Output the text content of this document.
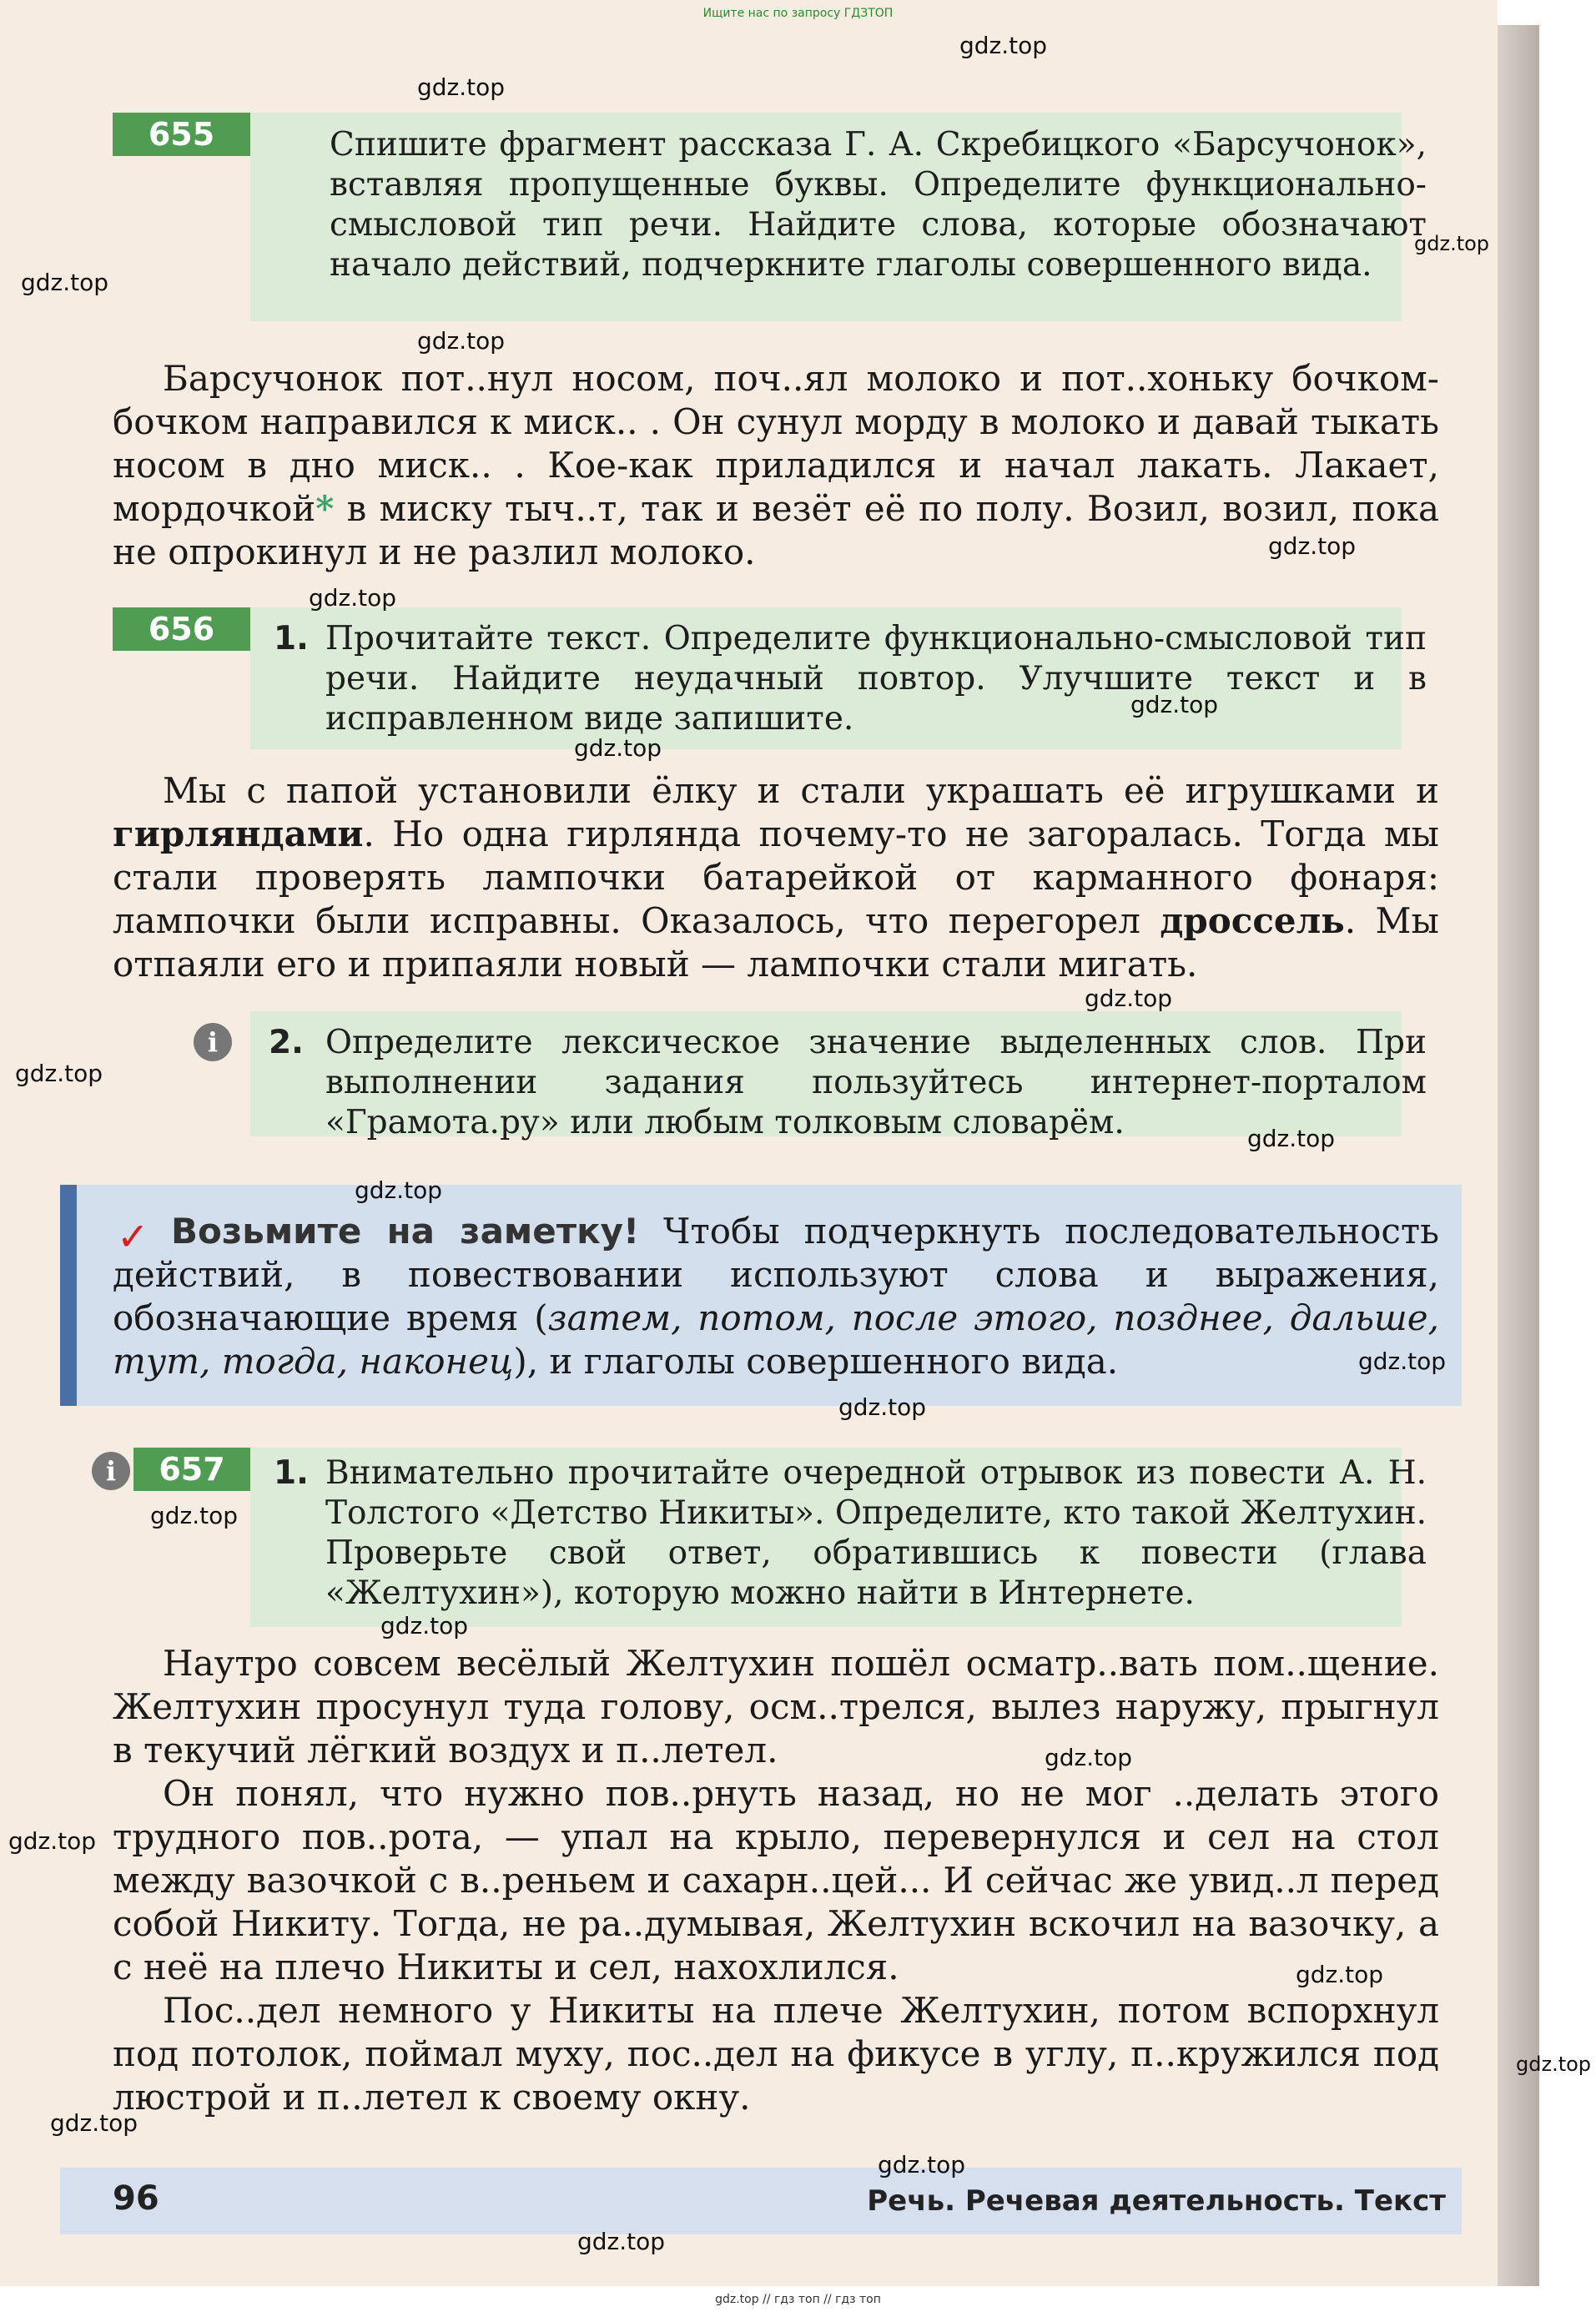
Ищите нас по запросу ГДЗТОП
655	Спишите фрагмент рассказа Г. А. Скребицкого «Барсучонок», вставляя пропущенные буквы. Определите функционально-смысловой тип речи. Найдите слова, которые обозначают начало действий, подчеркните глаголы совершенного вида.

Барсучонок пот..нул носом, поч..ял молоко и пот..хоньку бочком-бочком направился к миск.. . Он сунул морду в молоко и давай тыкать носом в дно миск.. . Кое-как приладился и начал лакать. Лакает, мордочкой* в миску тыч..т, так и везёт её по полу. Возил, возил, пока не опрокинул и не разлил молоко.

656	1. Прочитайте текст. Определите функционально-смысловой тип речи. Найдите неудачный повтор. Улучшите текст и в исправленном виде запишите.

Мы с папой установили ёлку и стали украшать её игрушками и гирляндами. Но одна гирлянда почему-то не загоралась. Тогда мы стали проверять лампочки батарейкой от карманного фонаря: лампочки были исправны. Оказалось, что перегорел дроссель. Мы отпаяли его и припаяли новый — лампочки стали мигать.

i	2. Определите лексическое значение выделенных слов. При выполнении задания пользуйтесь интернет-порталом «Грамота.ру» или любым толковым словарём.
Возьмите на заметку! Чтобы подчеркнуть последовательность действий, в повествовании используют слова и выражения, обозначающие время (затем, потом, после этого, позднее, дальше, тут, тогда, наконец), и глаголы совершенного вида.
✓
i	657	1. Внимательно прочитайте очередной отрывок из повести А. Н. Толстого «Детство Никиты». Определите, кто такой Желтухин. Проверьте свой ответ, обратившись к повести (глава «Желтухин»), которую можно найти в Интернете.

Наутро совсем весёлый Желтухин пошёл осматр..вать пом..щение. Желтухин просунул туда голову, осм..трелся, вылез наружу, прыгнул в текучий лёгкий воздух и п..летел.

Он понял, что нужно пов..рнуть назад, но не мог ..делать этого трудного пов..рота, — упал на крыло, перевернулся и сел на стол между вазочкой с в..реньем и сахарн..цей... И сейчас же увид..л перед собой Никиту. Тогда, не ра..думывая, Желтухин вскочил на вазочку, а с неё на плечо Никиты и сел, нахохлился.

Пос..дел немного у Никиты на плече Желтухин, потом вспорхнул под потолок, поймал муху, пос..дел на фикусе в углу, п..кружился под люстрой и п..летел к своему окну.

96	Речь. Речевая деятельность. Текст
gdz.top // гдз топ // гдз топ
gdz.top
gdz.top
gdz.top
gdz.top
gdz.top
gdz.top
gdz.top
gdz.top
gdz.top
gdz.top
gdz.top
gdz.top
gdz.top
gdz.top
gdz.top
gdz.top
gdz.top
gdz.top
gdz.top
gdz.top
gdz.top
gdz.top
gdz.top
gdz.top
